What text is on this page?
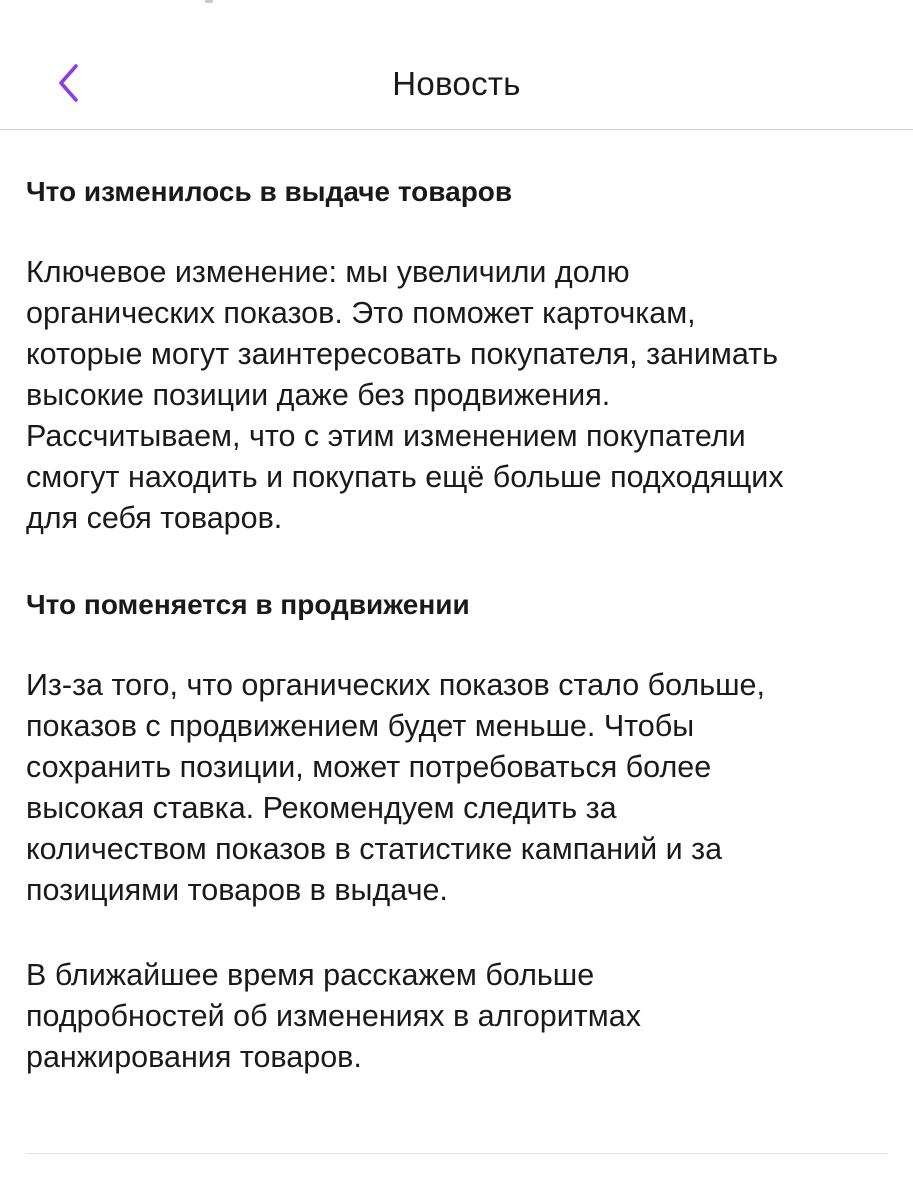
Новость
Что изменилось в выдаче товаров

Ключевое изменение: мы увеличили долю
органических показов. Это поможет карточкам,
которые могут заинтересовать покупателя, занимать
высокие позиции даже без продвижения.
Рассчитываем, что с этим изменением покупатели
смогут находить и покупать ещё больше подходящих
для себя товаров.

Что поменяется в продвижении

Из-за того, что органических показов стало больше,
показов с продвижением будет меньше. Чтобы
сохранить позиции, может потребоваться более
высокая ставка. Рекомендуем следить за
количеством показов в статистике кампаний и за
позициями товаров в выдаче.

В ближайшее время расскажем больше
подробностей об изменениях в алгоритмах
ранжирования товаров.
